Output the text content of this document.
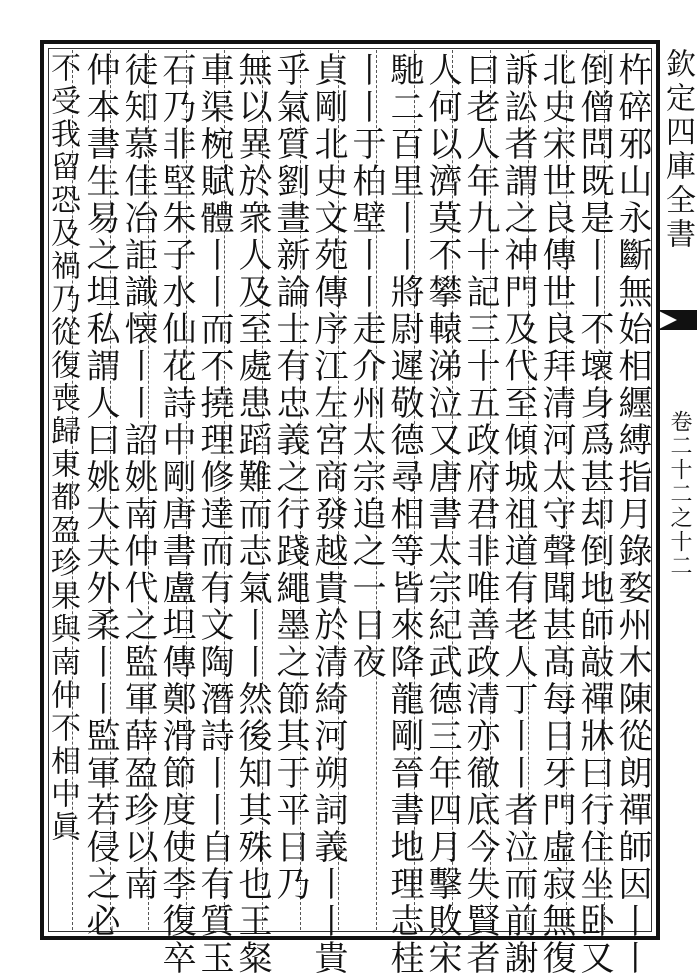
欽定四庫全書
卷二十二之十二
杵碎邪山永斷無始相纒縛指月錄婺州木陳從朗禪師因丨丨
倒僧問既是丨丨不壞身爲甚却倒地師敲禪牀曰行住坐卧又
北史宋世良傳世良拜清河太守聲聞甚髙每日牙門虛寂無復
訴訟者謂之神門及代至傾城祖道有老人丁丨丨者泣而前謝
曰老人年九十記三十五政府君非唯善政清亦徹底今失賢者
人何以濟莫不攀轅涕泣又唐書太宗紀武德三年四月擊敗宋
馳二百里丨丨將尉遲敬德尋相等皆來降龍剛晉書地理志桂
丨丨于柏壁丨丨走介州太宗追之一日夜
貞剛北史文苑傳序江左宮商發越貴於清綺河朔詞義丨丨貴
乎氣質劉晝新論士有忠義之行踐繩墨之節其于平日乃
無以異於衆人及至處患蹈難而志氣丨丨然後知其殊也王粲
車渠椀賦體丨丨而不撓理修達而有文陶潛詩丨丨自有質玉
石乃非堅朱子水仙花詩中剛唐書盧坦傳鄭滑節度使李復卒
徒知慕佳冶詎識懐丨丨詔姚南仲代之監軍薛盈珍以南
仲本書生易之坦私謂人曰姚大夫外柔丨丨監軍若侵之必
不受我留恐及禍乃從復喪歸東都盈珍果與南仲不相中眞
